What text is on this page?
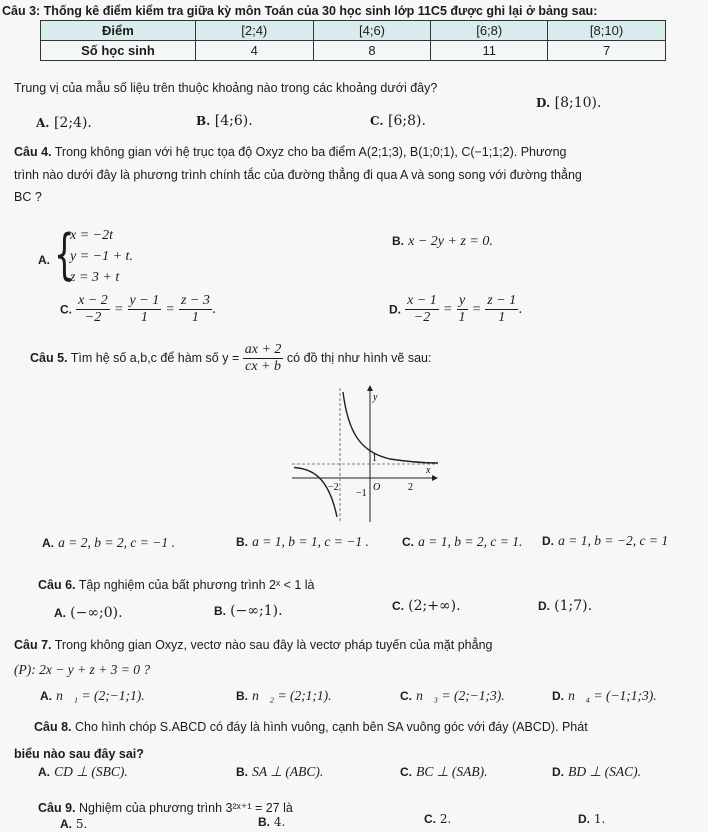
Câu 3: Thống kê điểm kiểm tra giữa kỳ môn Toán của 30 học sinh lớp 11C5 được ghi lại ở bảng sau:
Điểm	[2;4)	[4;6)	[6;8)	[8;10)
Số học sinh	4	8	11	7
Trung vị của mẫu số liệu trên thuộc khoảng nào trong các khoảng dưới đây?
A. [2;4).	B. [4;6).	C. [6;8).
D. [8;10).
Câu 4. Trong không gian với hệ trục tọa độ Oxyz cho ba điểm A(2;1;3), B(1;0;1), C(−1;1;2). Phương
trình nào dưới đây là phương trình chính tắc của đường thẳng đi qua A và song song với đường thẳng
BC ?
A. {
x = −2t
y = −1 + t.
z = 3 + t
B. x − 2y + z = 0.
C. $\frac{x - 2}{-2} = \frac{y - 1}{1} = \frac{z - 3}{1}$ .	D. $\frac{x - 1}{-2} = \frac{y}{1} = \frac{z - 1}{1}$ .
Câu 5. Tìm hệ số a,b,c để hàm số $y = \frac{ax + 2}{cx + b}$ có đồ thị như hình vẽ sau:
y
x
O
1
−1
−2	2
A. a = 2, b = 2, c = −1 .	B. a = 1, b = 1, c = −1 .	C. a = 1, b = 2, c = 1. D. a = 1, b = −2, c = 1
Câu 6. Tập nghiệm của bất phương trình 2ˣ < 1 là
A. (−∞;0).	B. (−∞;1).	C. (2;+∞).	D. (1;7).
Câu 7. Trong không gian Oxyz, vectơ nào sau đây là vectơ pháp tuyến của mặt phẳng
(P): 2x − y + z + 3 = 0 ?
A. n⃗₁ = (2;−1;1).	B. n⃗₂ = (2;1;1).	C. n⃗₃ = (2;−1;3).	D. n⃗₄ = (−1;1;3).
Câu 8. Cho hình chóp S.ABCD có đáy là hình vuông, cạnh bên SA vuông góc với đáy (ABCD). Phát
biểu nào sau đây sai?
A. CD ⊥ (SBC).	B. SA ⊥ (ABC).	C. BC ⊥ (SAB).	D. BD ⊥ (SAC).
Câu 9. Nghiệm của phương trình 3²ˣ⁺¹ = 27 là
A. 5.	B. 4.	C. 2.	D. 1.
